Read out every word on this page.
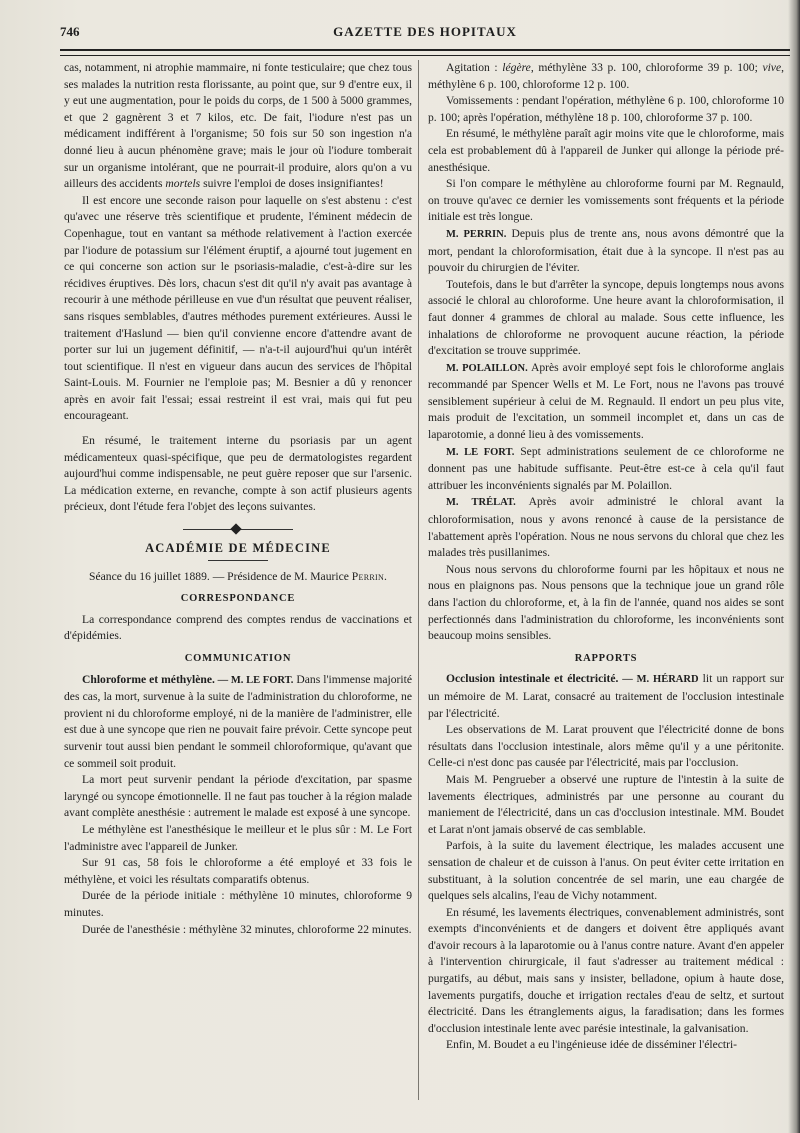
746	GAZETTE DES HOPITAUX

cas, notamment, ni atrophie mammaire, ni fonte testiculaire; que chez tous ses malades la nutrition resta florissante, au point que, sur 9 d'entre eux, il y eut une augmentation, pour le poids du corps, de 1 500 à 5000 grammes, et que 2 gagnèrent 3 et 7 kilos, etc. De fait, l'iodure n'est pas un médicament indifférent à l'organisme; 50 fois sur 50 son ingestion n'a donné lieu à aucun phénomène grave; mais le jour où l'iodure tomberait sur un organisme intolérant, que ne pourrait-il produire, alors qu'on a vu ailleurs des accidents mortels suivre l'emploi de doses insignifiantes!

Il est encore une seconde raison pour laquelle on s'est abstenu : c'est qu'avec une réserve très scientifique et prudente, l'éminent médecin de Copenhague, tout en vantant sa méthode relativement à l'action exercée par l'iodure de potassium sur l'élément éruptif, a ajourné tout jugement en ce qui concerne son action sur le psoriasis-maladie, c'est-à-dire sur les récidives éruptives. Dès lors, chacun s'est dit qu'il n'y avait pas avantage à recourir à une méthode périlleuse en vue d'un résultat que peuvent réaliser, sans risques semblables, d'autres méthodes purement extérieures. Aussi le traitement d'Haslund — bien qu'il convienne encore d'attendre avant de porter sur lui un jugement définitif, — n'a-t-il aujourd'hui qu'un intérêt tout scientifique. Il n'est en vigueur dans aucun des services de l'hôpital Saint-Louis. M. Fournier ne l'emploie pas; M. Besnier a dû y renoncer après en avoir fait l'essai; essai restreint il est vrai, mais qui fut peu encourageant.

En résumé, le traitement interne du psoriasis par un agent médicamenteux quasi-spécifique, que peu de dermatologistes regardent aujourd'hui comme indispensable, ne peut guère reposer que sur l'arsenic. La médication externe, en revanche, compte à son actif plusieurs agents précieux, dont l'étude fera l'objet des leçons suivantes.

ACADÉMIE DE MÉDECINE

Séance du 16 juillet 1889. — Présidence de M. Maurice Perrin.

CORRESPONDANCE

La correspondance comprend des comptes rendus de vaccinations et d'épidémies.

COMMUNICATION

Chloroforme et méthylène. — M. LE FORT. Dans l'immense majorité des cas, la mort, survenue à la suite de l'administration du chloroforme, ne provient ni du chloroforme employé, ni de la manière de l'administrer, elle est due à une syncope que rien ne pouvait faire prévoir. Cette syncope peut survenir tout aussi bien pendant le sommeil chloroformique, qu'avant que ce sommeil soit produit.

La mort peut survenir pendant la période d'excitation, par spasme laryngé ou syncope émotionnelle. Il ne faut pas toucher à la région malade avant complète anesthésie : autrement le malade est exposé à une syncope.

Le méthylène est l'anesthésique le meilleur et le plus sûr : M. Le Fort l'administre avec l'appareil de Junker.

Sur 91 cas, 58 fois le chloroforme a été employé et 33 fois le méthylène, et voici les résultats comparatifs obtenus.

Durée de la période initiale : méthylène 10 minutes, chloroforme 9 minutes.

Durée de l'anesthésie : méthylène 32 minutes, chloroforme 22 minutes.

Agitation : légère, méthylène 33 p. 100, chloroforme 39 p. 100; vive, méthylène 6 p. 100, chloroforme 12 p. 100.

Vomissements : pendant l'opération, méthylène 6 p. 100, chloroforme 10 p. 100; après l'opération, méthylène 18 p. 100, chloroforme 37 p. 100.

En résumé, le méthylène paraît agir moins vite que le chloroforme, mais cela est probablement dû à l'appareil de Junker qui allonge la période pré-anesthésique.

Si l'on compare le méthylène au chloroforme fourni par M. Regnauld, on trouve qu'avec ce dernier les vomissements sont fréquents et la période initiale est très longue.

M. PERRIN. Depuis plus de trente ans, nous avons démontré que la mort, pendant la chloroformisation, était due à la syncope. Il n'est pas au pouvoir du chirurgien de l'éviter.

Toutefois, dans le but d'arrêter la syncope, depuis longtemps nous avons associé le chloral au chloroforme. Une heure avant la chloroformisation, il faut donner 4 grammes de chloral au malade. Sous cette influence, les inhalations de chloroforme ne provoquent aucune réaction, la période d'excitation se trouve supprimée.

M. POLAILLON. Après avoir employé sept fois le chloroforme anglais recommandé par Spencer Wells et M. Le Fort, nous ne l'avons pas trouvé sensiblement supérieur à celui de M. Regnauld. Il endort un peu plus vite, mais produit de l'excitation, un sommeil incomplet et, dans un cas de laparotomie, a donné lieu à des vomissements.

M. LE FORT. Sept administrations seulement de ce chloroforme ne donnent pas une habitude suffisante. Peut-être est-ce à cela qu'il faut attribuer les inconvénients signalés par M. Polaillon.

M. TRÉLAT. Après avoir administré le chloral avant la chloroformisation, nous y avons renoncé à cause de la persistance de l'abattement après l'opération. Nous ne nous servons du chloral que chez les malades très pusillanimes.

Nous nous servons du chloroforme fourni par les hôpitaux et nous ne nous en plaignons pas. Nous pensons que la technique joue un grand rôle dans l'action du chloroforme, et, à la fin de l'année, quand nos aides se sont perfectionnés dans l'administration du chloroforme, les inconvénients sont beaucoup moins sensibles.

RAPPORTS

Occlusion intestinale et électricité. — M. HÉRARD lit un rapport sur un mémoire de M. Larat, consacré au traitement de l'occlusion intestinale par l'électricité.

Les observations de M. Larat prouvent que l'électricité donne de bons résultats dans l'occlusion intestinale, alors même qu'il y a une péritonite. Celle-ci n'est donc pas causée par l'électricité, mais par l'occlusion.

Mais M. Pengrueber a observé une rupture de l'intestin à la suite de lavements électriques, administrés par une personne au courant du maniement de l'électricité, dans un cas d'occlusion intestinale. MM. Boudet et Larat n'ont jamais observé de cas semblable.

Parfois, à la suite du lavement électrique, les malades accusent une sensation de chaleur et de cuisson à l'anus. On peut éviter cette irritation en substituant, à la solution concentrée de sel marin, une eau chargée de quelques sels alcalins, l'eau de Vichy notamment.

En résumé, les lavements électriques, convenablement administrés, sont exempts d'inconvénients et de dangers et doivent être appliqués avant d'avoir recours à la laparotomie ou à l'anus contre nature. Avant d'en appeler à l'intervention chirurgicale, il faut s'adresser au traitement médical : purgatifs, au début, mais sans y insister, belladone, opium à haute dose, lavements purgatifs, douche et irrigation rectales d'eau de seltz, et surtout électricité. Dans les étranglements aigus, la faradisation; dans les formes d'occlusion intestinale lente avec parésie intestinale, la galvanisation.

Enfin, M. Boudet a eu l'ingénieuse idée de disséminer l'électri-
